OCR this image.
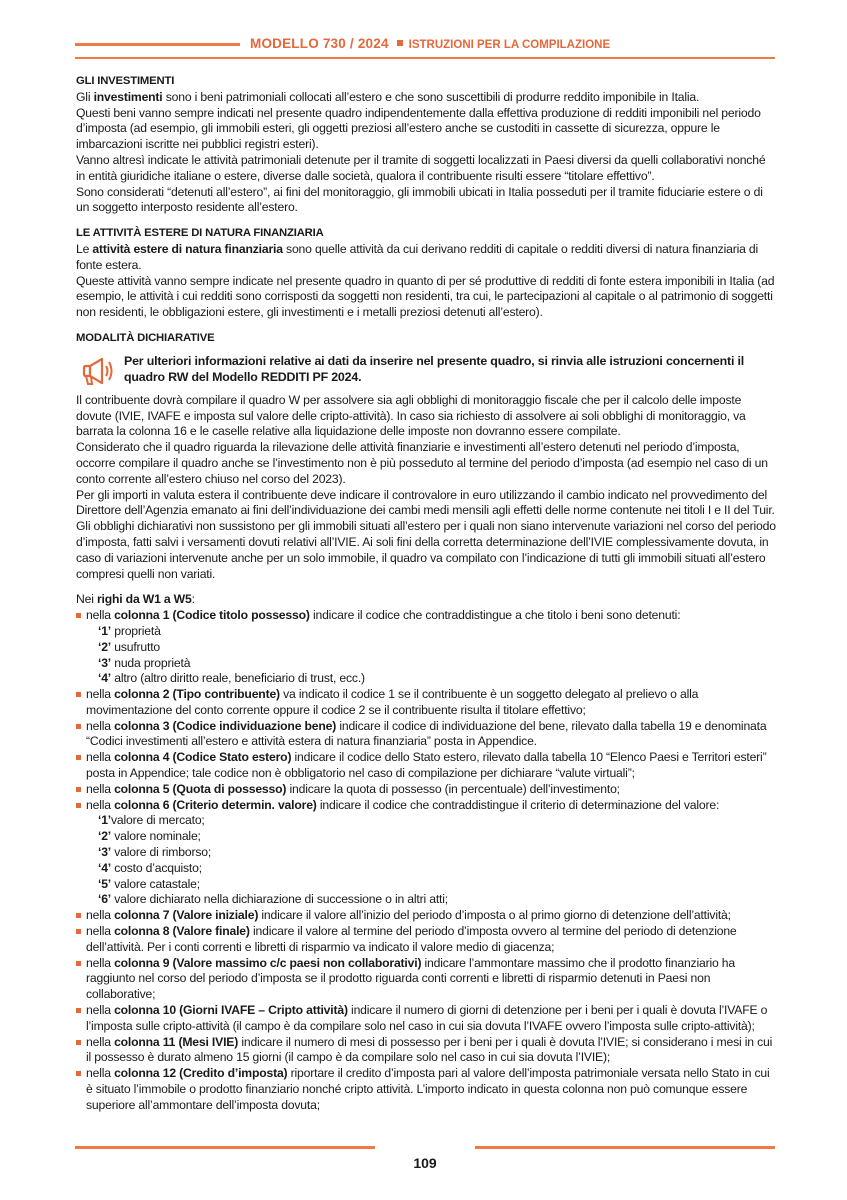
MODELLO 730 / 2024 ISTRUZIONI PER LA COMPILAZIONE

GLI INVESTIMENTI

Gli investimenti sono i beni patrimoniali collocati all’estero e che sono suscettibili di produrre reddito imponibile in Italia.

Questi beni vanno sempre indicati nel presente quadro indipendentemente dalla effettiva produzione di redditi imponibili nel periodo d’imposta (ad esempio, gli immobili esteri, gli oggetti preziosi all’estero anche se custoditi in cassette di sicurezza, oppure le imbarcazioni iscritte nei pubblici registri esteri).

Vanno altresì indicate le attività patrimoniali detenute per il tramite di soggetti localizzati in Paesi diversi da quelli collaborativi nonché in entità giuridiche italiane o estere, diverse dalle società, qualora il contribuente risulti essere “titolare effettivo”.

Sono considerati “detenuti all’estero”, ai fini del monitoraggio, gli immobili ubicati in Italia posseduti per il tramite fiduciarie estere o di un soggetto interposto residente all’estero.

LE ATTIVITÀ ESTERE DI NATURA FINANZIARIA

Le attività estere di natura finanziaria sono quelle attività da cui derivano redditi di capitale o redditi diversi di natura finanziaria di fonte estera.

Queste attività vanno sempre indicate nel presente quadro in quanto di per sé produttive di redditi di fonte estera imponibili in Italia (ad esempio, le attività i cui redditi sono corrisposti da soggetti non residenti, tra cui, le partecipazioni al capitale o al patrimonio di soggetti non residenti, le obbligazioni estere, gli investimenti e i metalli preziosi detenuti all’estero).

MODALITÀ DICHIARATIVE

Per ulteriori informazioni relative ai dati da inserire nel presente quadro, si rinvia alle istruzioni concernenti il quadro RW del Modello REDDITI PF 2024.

Il contribuente dovrà compilare il quadro W per assolvere sia agli obblighi di monitoraggio fiscale che per il calcolo delle imposte dovute (IVIE, IVAFE e imposta sul valore delle cripto-attività). In caso sia richiesto di assolvere ai soli obblighi di monitoraggio, va barrata la colonna 16 e le caselle relative alla liquidazione delle imposte non dovranno essere compilate.

Considerato che il quadro riguarda la rilevazione delle attività finanziarie e investimenti all’estero detenuti nel periodo d’imposta, occorre compilare il quadro anche se l’investimento non è più posseduto al termine del periodo d’imposta (ad esempio nel caso di un conto corrente all’estero chiuso nel corso del 2023).

Per gli importi in valuta estera il contribuente deve indicare il controvalore in euro utilizzando il cambio indicato nel provvedimento del Direttore dell’Agenzia emanato ai fini dell’individuazione dei cambi medi mensili agli effetti delle norme contenute nei titoli I e II del Tuir.

Gli obblighi dichiarativi non sussistono per gli immobili situati all’estero per i quali non siano intervenute variazioni nel corso del periodo d’imposta, fatti salvi i versamenti dovuti relativi all’IVIE. Ai soli fini della corretta determinazione dell’IVIE complessivamente dovuta, in caso di variazioni intervenute anche per un solo immobile, il quadro va compilato con l’indicazione di tutti gli immobili situati all’estero compresi quelli non variati.

Nei righi da W1 a W5:

nella colonna 1 (Codice titolo possesso) indicare il codice che contraddistingue a che titolo i beni sono detenuti:
‘1’ proprietà
‘2’ usufrutto
‘3’ nuda proprietà
‘4’ altro (altro diritto reale, beneficiario di trust, ecc.)
nella colonna 2 (Tipo contribuente) va indicato il codice 1 se il contribuente è un soggetto delegato al prelievo o alla movimentazione del conto corrente oppure il codice 2 se il contribuente risulta il titolare effettivo;
nella colonna 3 (Codice individuazione bene) indicare il codice di individuazione del bene, rilevato dalla tabella 19 e denominata “Codici investimenti all’estero e attività estera di natura finanziaria” posta in Appendice.
nella colonna 4 (Codice Stato estero) indicare il codice dello Stato estero, rilevato dalla tabella 10 “Elenco Paesi e Territori esteri” posta in Appendice; tale codice non è obbligatorio nel caso di compilazione per dichiarare “valute virtuali”;
nella colonna 5 (Quota di possesso) indicare la quota di possesso (in percentuale) dell’investimento;
nella colonna 6 (Criterio determin. valore) indicare il codice che contraddistingue il criterio di determinazione del valore:
‘1’valore di mercato;
‘2’ valore nominale;
‘3’ valore di rimborso;
‘4’ costo d’acquisto;
‘5’ valore catastale;
‘6’ valore dichiarato nella dichiarazione di successione o in altri atti;
nella colonna 7 (Valore iniziale) indicare il valore all’inizio del periodo d’imposta o al primo giorno di detenzione dell’attività;
nella colonna 8 (Valore finale) indicare il valore al termine del periodo d’imposta ovvero al termine del periodo di detenzione dell’attività. Per i conti correnti e libretti di risparmio va indicato il valore medio di giacenza;
nella colonna 9 (Valore massimo c/c paesi non collaborativi) indicare l’ammontare massimo che il prodotto finanziario ha raggiunto nel corso del periodo d’imposta se il prodotto riguarda conti correnti e libretti di risparmio detenuti in Paesi non collaborative;
nella colonna 10 (Giorni IVAFE – Cripto attività) indicare il numero di giorni di detenzione per i beni per i quali è dovuta l’IVAFE o l’imposta sulle cripto-attività (il campo è da compilare solo nel caso in cui sia dovuta l’IVAFE ovvero l’imposta sulle cripto-attività);
nella colonna 11 (Mesi IVIE) indicare il numero di mesi di possesso per i beni per i quali è dovuta l’IVIE; si considerano i mesi in cui il possesso è durato almeno 15 giorni (il campo è da compilare solo nel caso in cui sia dovuta l’IVIE);
nella colonna 12 (Credito d’imposta) riportare il credito d’imposta pari al valore dell’imposta patrimoniale versata nello Stato in cui è situato l’immobile o prodotto finanziario nonché cripto attività. L’importo indicato in questa colonna non può comunque essere superiore all’ammontare dell’imposta dovuta;
109
